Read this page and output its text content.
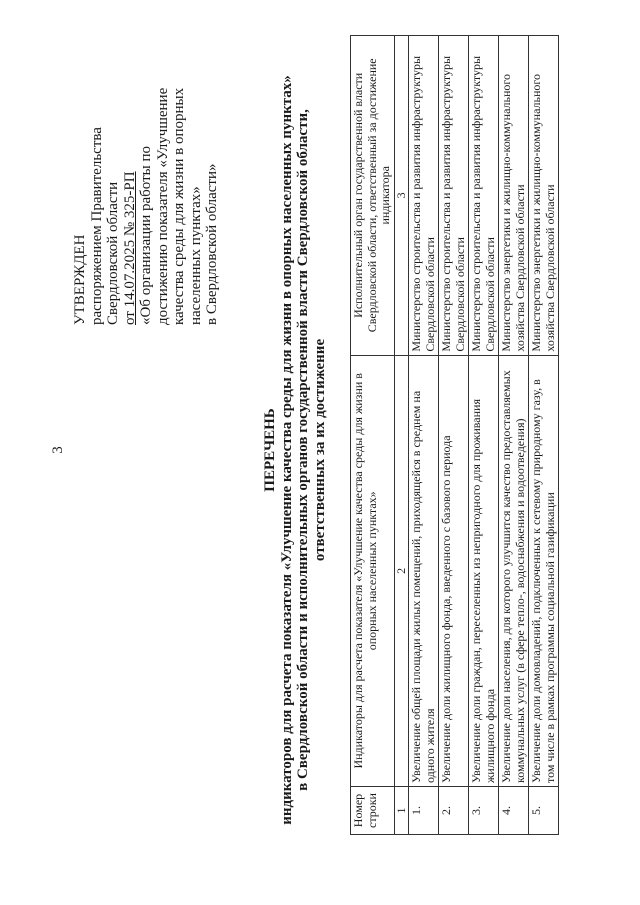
3
УТВЕРЖДЕН распоряжением Правительства Свердловской области от 14.07.2025 № 325-РП «Об организации работы по достижению показателя «Улучшение качества среды для жизни в опорных населенных пунктах» в Свердловской области»
ПЕРЕЧЕНЬ индикаторов для расчета показателя «Улучшение качества среды для жизни в опорных населенных пунктах» в Свердловской области и исполнительных органов государственной власти Свердловской области, ответственных за их достижение
Номер строки	Индикаторы для расчета показателя «Улучшение качества среды для жизни в опорных населенных пунктах»	Исполнительный орган государственной власти Свердловской области, ответственный за достижение индикатора
1	2	3
1.	Увеличение общей площади жилых помещений, приходящейся в среднем на одного жителя	Министерство строительства и развития инфраструктуры Свердловской области
2.	Увеличение доли жилищного фонда, введенного с базового периода	Министерство строительства и развития инфраструктуры Свердловской области
3.	Увеличение доли граждан, переселенных из непригодного для проживания жилищного фонда	Министерство строительства и развития инфраструктуры Свердловской области
4.	Увеличение доли населения, для которого улучшится качество предоставляемых коммунальных услуг (в сфере тепло-, водоснабжения и водоотведения)	Министерство энергетики и жилищно-коммунального хозяйства Свердловской области
5.	Увеличение доли домовладений, подключенных к сетевому природному газу, в том числе в рамках программы социальной газификации	Министерство энергетики и жилищно-коммунального хозяйства Свердловской области
